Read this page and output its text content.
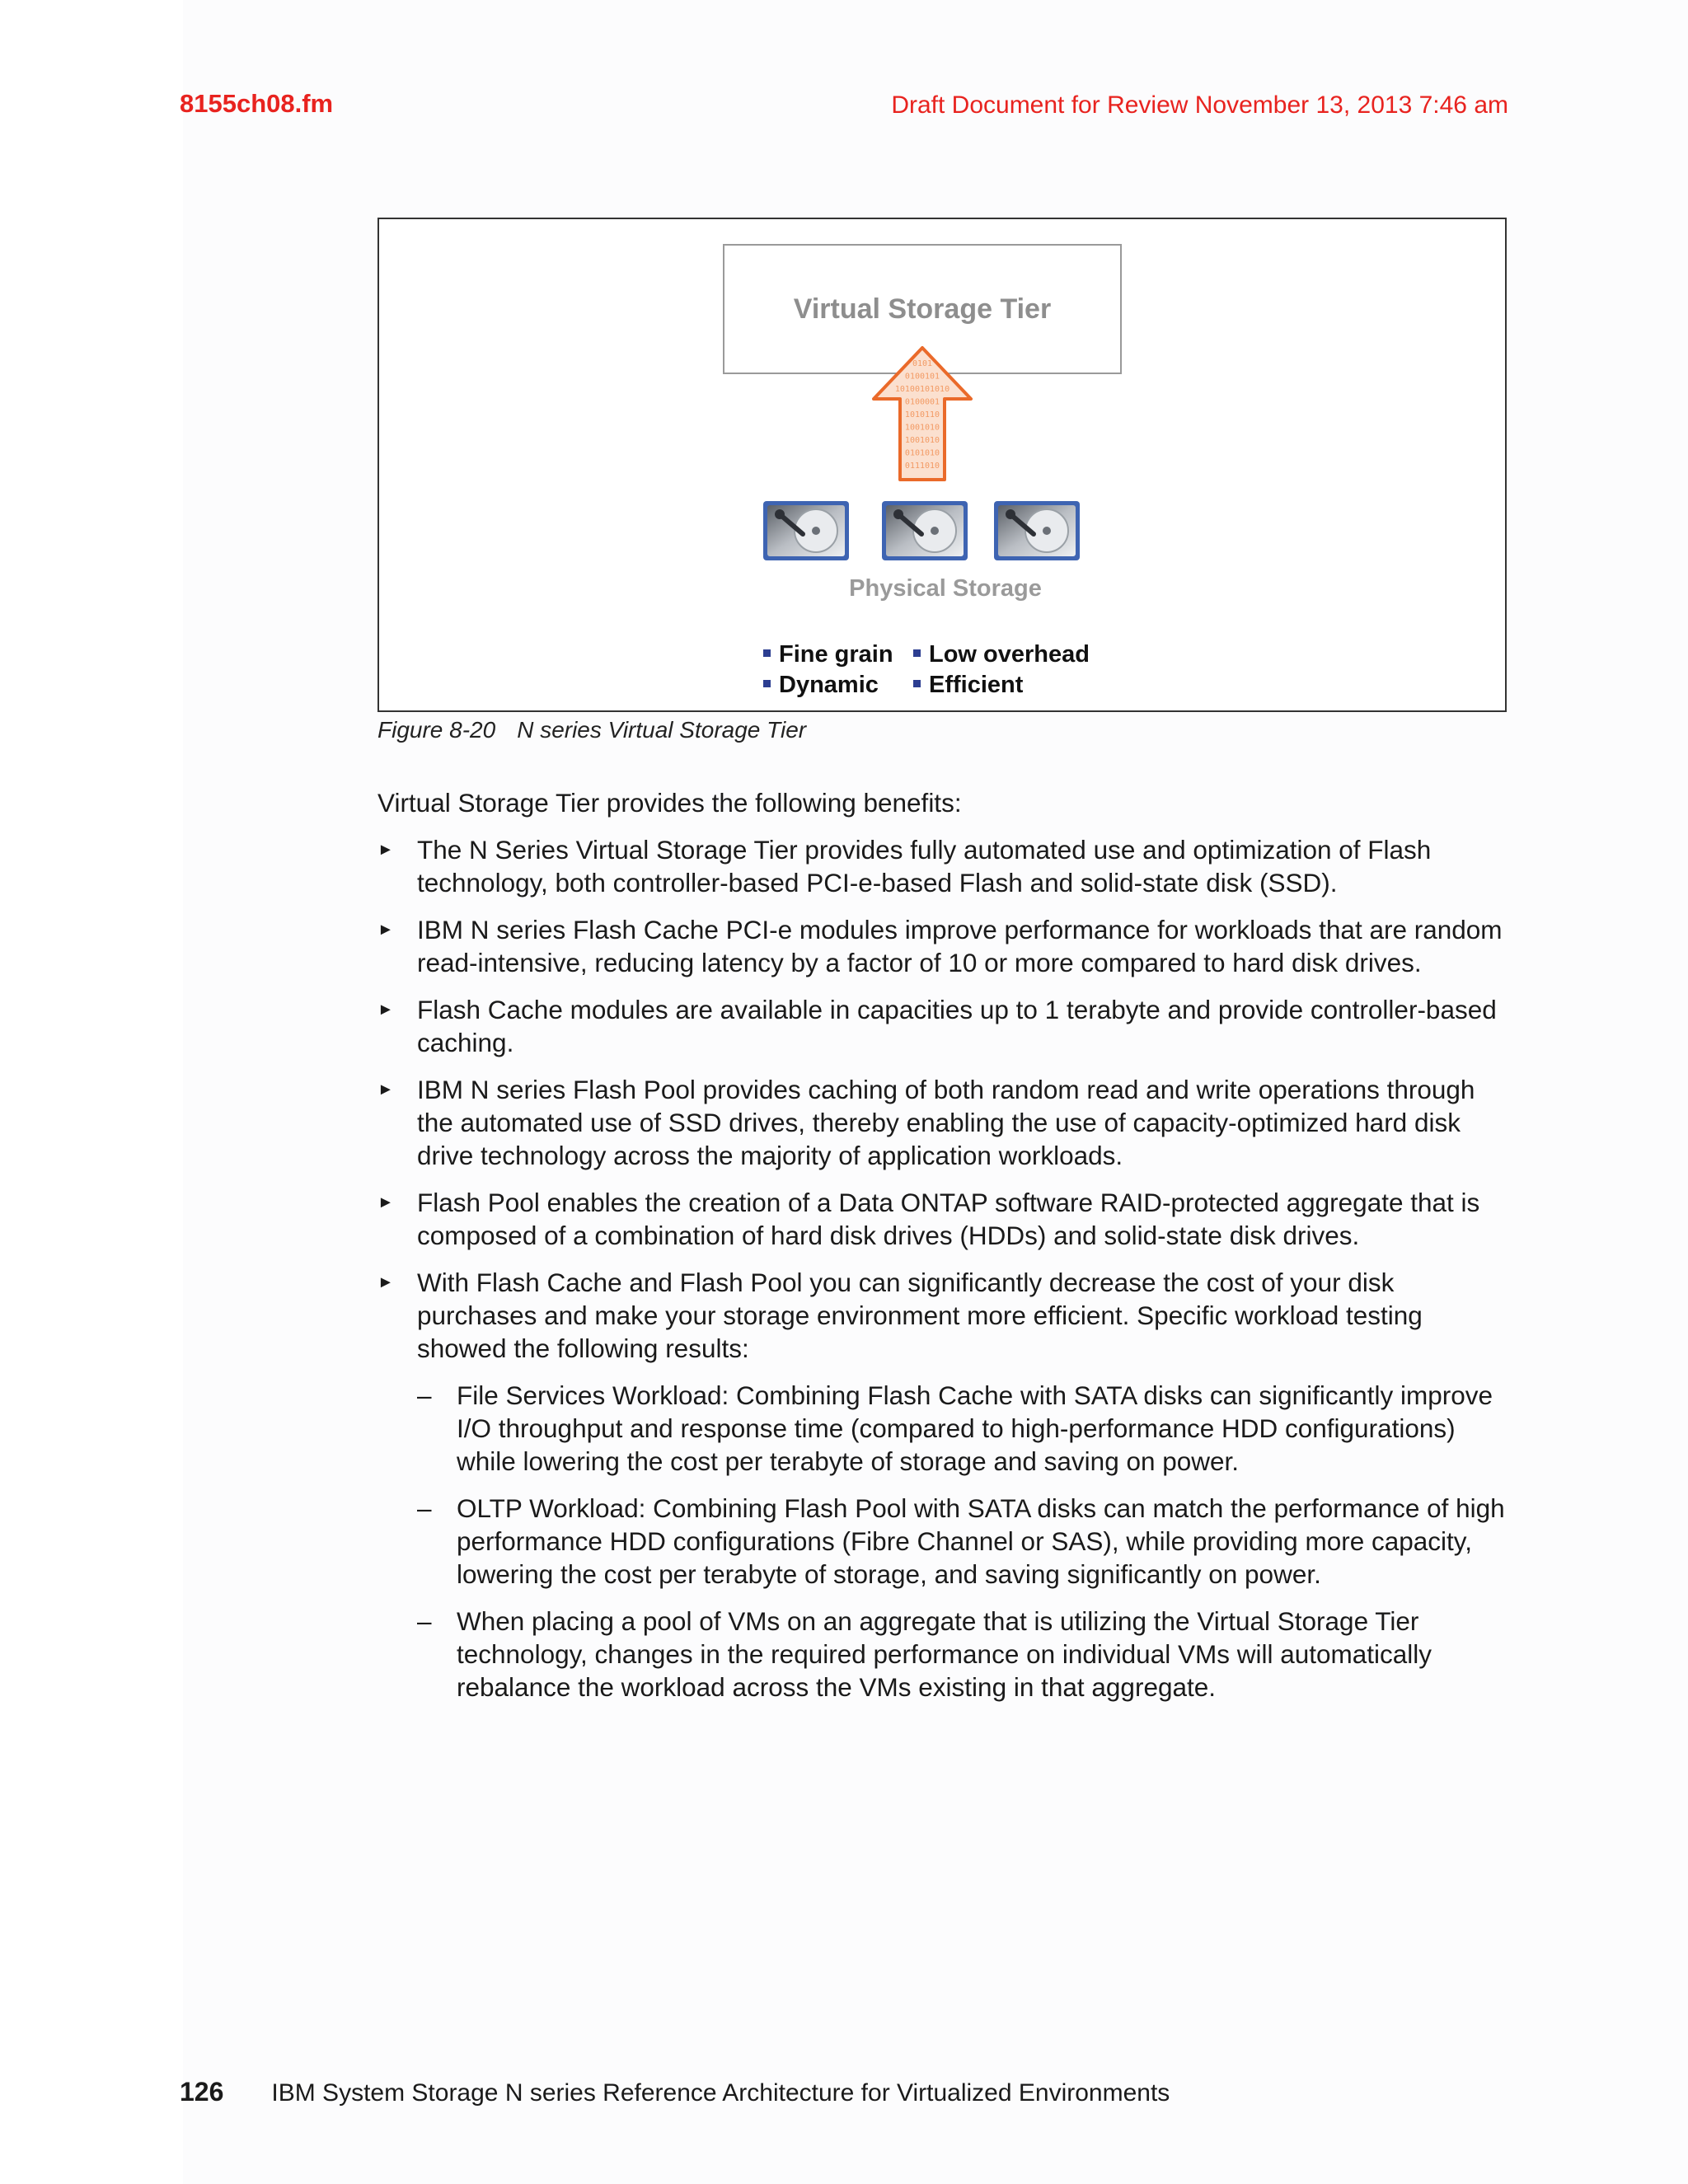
8155ch08.fm	Draft Document for Review November 13, 2013 7:46 am
Virtual Storage Tier
0101
0100101
10100101010
0100001
1010110
1001010
1001010
0101010
0111010
Physical Storage
Fine grain
Dynamic
Low overhead
Efficient
Figure 8-20 N series Virtual Storage Tier
Virtual Storage Tier provides the following benefits:
► The N Series Virtual Storage Tier provides fully automated use and optimization of Flash technology, both controller-based PCI-e-based Flash and solid-state disk (SSD).
► IBM N series Flash Cache PCI-e modules improve performance for workloads that are random read-intensive, reducing latency by a factor of 10 or more compared to hard disk drives.
► Flash Cache modules are available in capacities up to 1 terabyte and provide controller-based caching.
► IBM N series Flash Pool provides caching of both random read and write operations through the automated use of SSD drives, thereby enabling the use of capacity-optimized hard disk drive technology across the majority of application workloads.
► Flash Pool enables the creation of a Data ONTAP software RAID-protected aggregate that is composed of a combination of hard disk drives (HDDs) and solid-state disk drives.
► With Flash Cache and Flash Pool you can significantly decrease the cost of your disk purchases and make your storage environment more efficient. Specific workload testing showed the following results:
– File Services Workload: Combining Flash Cache with SATA disks can significantly improve I/O throughput and response time (compared to high-performance HDD configurations) while lowering the cost per terabyte of storage and saving on power.
– OLTP Workload: Combining Flash Pool with SATA disks can match the performance of high performance HDD configurations (Fibre Channel or SAS), while providing more capacity, lowering the cost per terabyte of storage, and saving significantly on power.
– When placing a pool of VMs on an aggregate that is utilizing the Virtual Storage Tier technology, changes in the required performance on individual VMs will automatically rebalance the workload across the VMs existing in that aggregate.
126 IBM System Storage N series Reference Architecture for Virtualized Environments
